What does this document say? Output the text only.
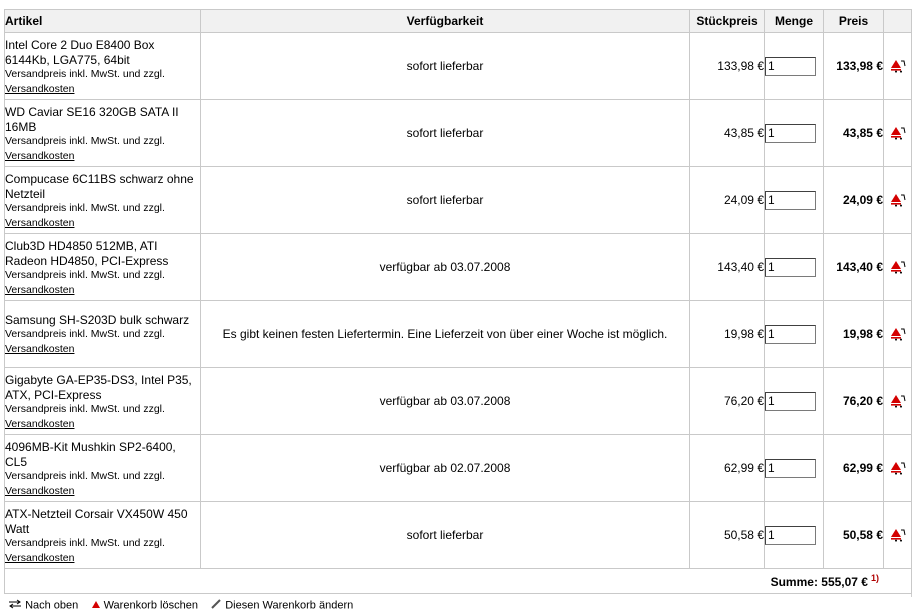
Artikel	Verfügbarkeit	Stückpreis	Menge	Preis	

Intel Core 2 Duo E8400 Box 6144Kb, LGA775, 64bit
Versandpreis inkl. MwSt. und zzgl.
Versandkosten	sofort lieferbar	133,98 €	1	133,98 €	

WD Caviar SE16 320GB SATA II 16MB
Versandpreis inkl. MwSt. und zzgl.
Versandkosten	sofort lieferbar	43,85 €	1	43,85 €	

Compucase 6C11BS schwarz ohne Netzteil
Versandpreis inkl. MwSt. und zzgl.
Versandkosten	sofort lieferbar	24,09 €	1	24,09 €	

Club3D HD4850 512MB, ATI Radeon HD4850, PCI-Express
Versandpreis inkl. MwSt. und zzgl.
Versandkosten	verfügbar ab 03.07.2008	143,40 €	1	143,40 €	

Samsung SH-S203D bulk schwarz
Versandpreis inkl. MwSt. und zzgl.
Versandkosten	Es gibt keinen festen Liefertermin. Eine Lieferzeit von über einer Woche ist möglich.	19,98 €	1	19,98 €	

Gigabyte GA-EP35-DS3, Intel P35, ATX, PCI-Express
Versandpreis inkl. MwSt. und zzgl.
Versandkosten	verfügbar ab 03.07.2008	76,20 €	1	76,20 €	

4096MB-Kit Mushkin SP2-6400, CL5
Versandpreis inkl. MwSt. und zzgl.
Versandkosten	verfügbar ab 02.07.2008	62,99 €	1	62,99 €	

ATX-Netzteil Corsair VX450W 450 Watt
Versandpreis inkl. MwSt. und zzgl.
Versandkosten	sofort lieferbar	50,58 €	1	50,58 €	
Summe: 555,07 € $^{1)}$
Nach oben Warenkorb löschen Diesen Warenkorb ändern
